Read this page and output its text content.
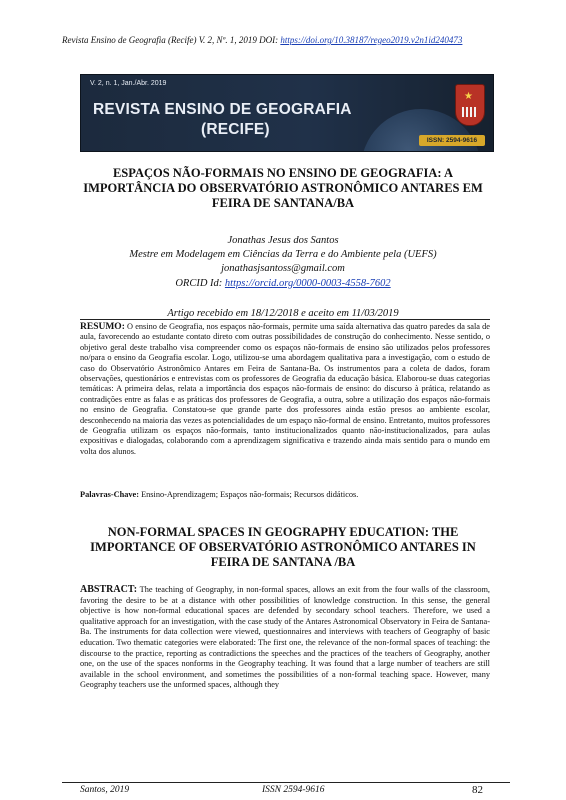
Revista Ensino de Geografia (Recife) V. 2, Nº. 1, 2019 DOI: https://doi.org/10.38187/regeo2019.v2n1id240473
V. 2, n. 1, Jan./Abr. 2019
REVISTA ENSINO DE GEOGRAFIA
(RECIFE)
★
ISSN: 2594-9616
ESPAÇOS NÃO-FORMAIS NO ENSINO DE GEOGRAFIA: A IMPORTÂNCIA DO OBSERVATÓRIO ASTRONÔMICO ANTARES EM FEIRA DE SANTANA/BA
Jonathas Jesus dos Santos
Mestre em Modelagem em Ciências da Terra e do Ambiente pela (UEFS)
jonathasjsantoss@gmail.com
ORCID Id: https://orcid.org/0000-0003-4558-7602
Artigo recebido em 18/12/2018 e aceito em 11/03/2019
RESUMO: O ensino de Geografia, nos espaços não-formais, permite uma saída alternativa das quatro paredes da sala de aula, favorecendo ao estudante contato direto com outras possibilidades de construção do conhecimento. Nesse sentido, o objetivo geral deste trabalho visa compreender como os espaços não-formais de ensino são utilizados pelos professores no/para o ensino da Geografia escolar. Logo, utilizou-se uma abordagem qualitativa para a investigação, com o estudo de caso do Observatório Astronômico Antares em Feira de Santana-Ba. Os instrumentos para a coleta de dados, foram observações, questionários e entrevistas com os professores de Geografia da educação básica. Elaborou-se duas categorias temáticas: A primeira delas, relata a importância dos espaços não-formais de ensino: do discurso à prática, relatando as contradições entre as falas e as práticas dos professores de Geografia, a outra, sobre a utilização dos espaços não-formais no ensino de Geografia. Constatou-se que grande parte dos professores ainda estão presos ao ambiente escolar, desconhecendo na maioria das vezes as potencialidades de um espaço não-formal de ensino. Entretanto, muitos professores de Geografia utilizam os espaços não-formais, tanto institucionalizados quanto não-institucionalizados, para aulas expositivas e dialogadas, colaborando com a aprendizagem significativa e trazendo ainda mais sentido para o mundo em volta dos alunos.
Palavras-Chave: Ensino-Aprendizagem; Espaços não-formais; Recursos didáticos.
NON-FORMAL SPACES IN GEOGRAPHY EDUCATION: THE IMPORTANCE OF OBSERVATÓRIO ASTRONÔMICO ANTARES IN FEIRA DE SANTANA /BA
ABSTRACT: The teaching of Geography, in non-formal spaces, allows an exit from the four walls of the classroom, favoring the desire to be at a distance with other possibilities of knowledge construction. In this sense, the general objective is how non-formal educational spaces are defended by secondary school teachers. Therefore, we used a qualitative approach for an investigation, with the case study of the Antares Astronomical Observatory in Feira de Santana-Ba. The instruments for data collection were viewed, questionnaires and interviews with teachers of Geography of basic education. Two thematic categories were elaborated: The first one, the relevance of the non-formal spaces of teaching: the discourse to the practice, reporting as contradictions the speeches and the practices of the teachers of Geography, another one, on the use of the spaces nonforms in the Geography teaching. It was found that a large number of teachers are still available in the school environment, and sometimes the possibilities of a non-formal teaching space. However, many Geography teachers use the unformed spaces, although they
Santos, 2019	ISSN 2594-9616	82
